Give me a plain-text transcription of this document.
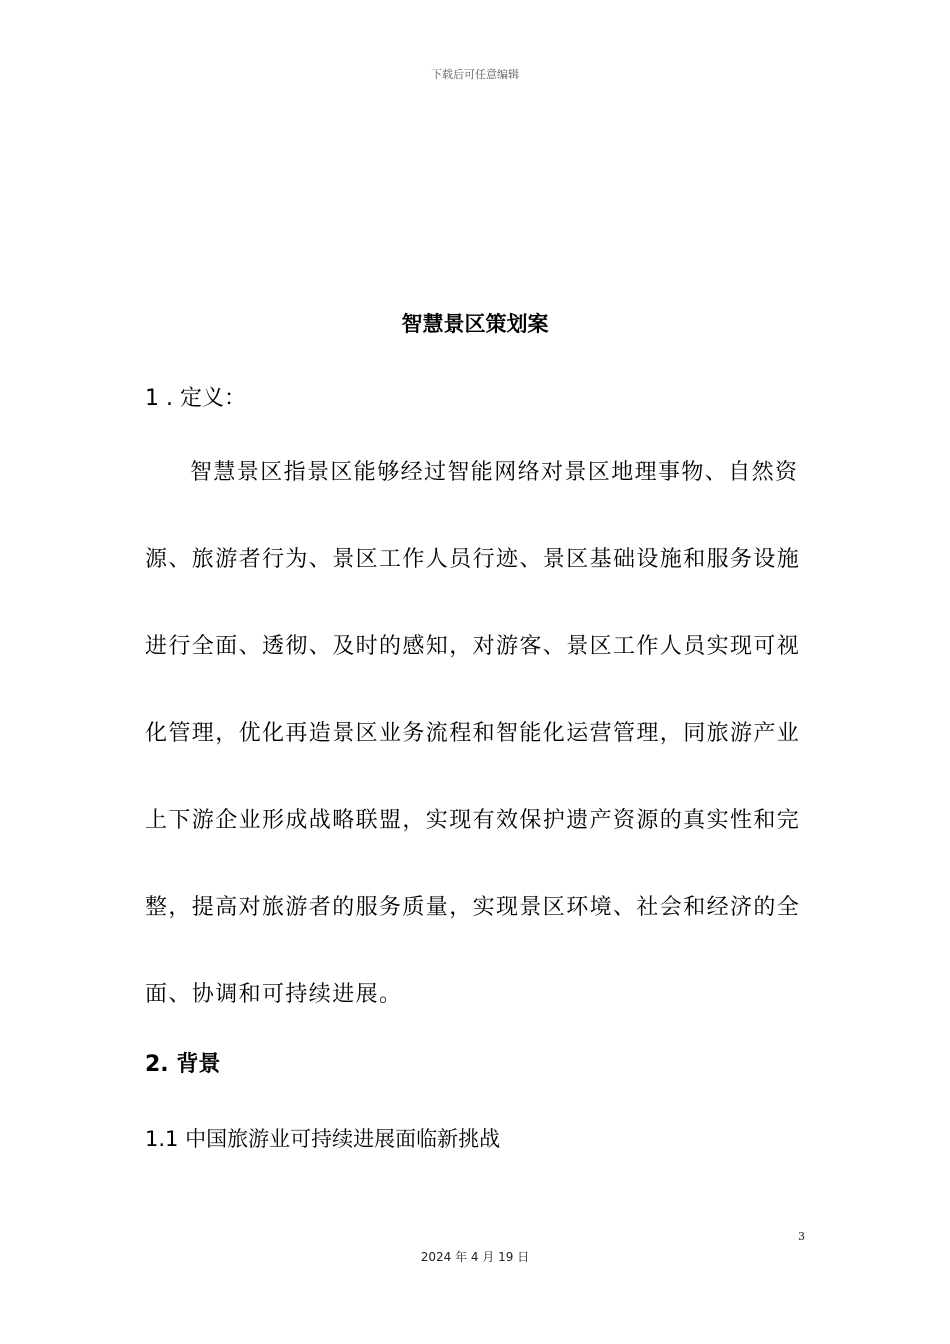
下载后可任意编辑
智慧景区策划案
1 . 定义：
智慧景区指景区能够经过智能网络对景区地理事物、自然资
源、旅游者行为、景区工作人员行迹、景区基础设施和服务设施
进行全面、透彻、及时的感知，对游客、景区工作人员实现可视
化管理，优化再造景区业务流程和智能化运营管理，同旅游产业
上下游企业形成战略联盟，实现有效保护遗产资源的真实性和完
整，提高对旅游者的服务质量，实现景区环境、社会和经济的全
面、协调和可持续进展。
2. 背景
1.1 中国旅游业可持续进展面临新挑战
3
2024 年 4 月 19 日
